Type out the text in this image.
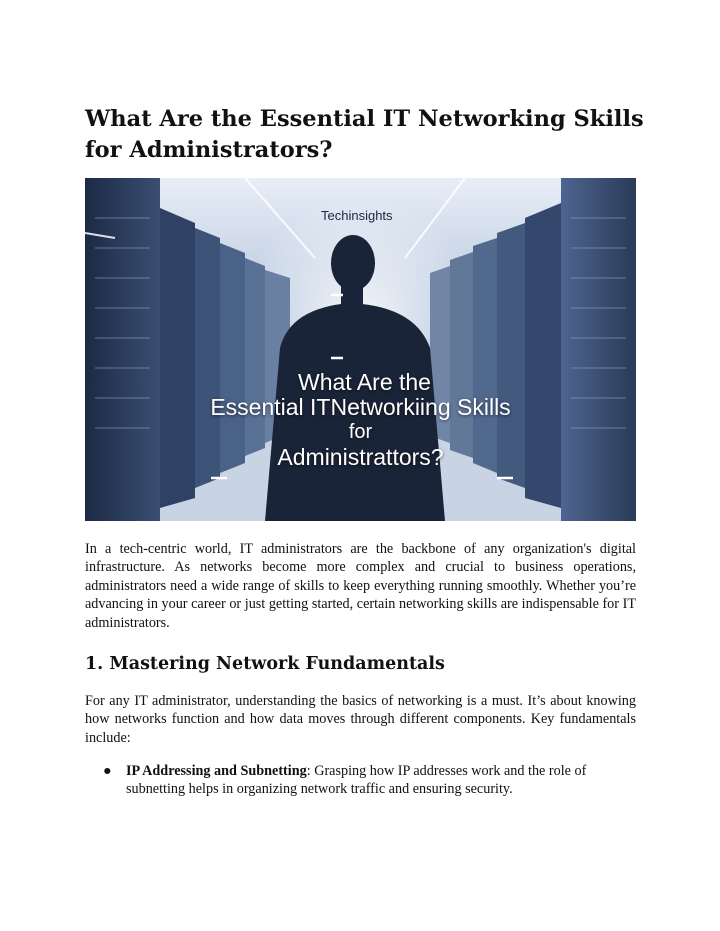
What Are the Essential IT Networking Skills for Administrators?
Techinsights
What Are the
Essential ITNetworkiing Skills
for
Administrattors?

In a tech-centric world, IT administrators are the backbone of any organization's digital infrastructure. As networks become more complex and crucial to business operations, administrators need a wide range of skills to keep everything running smoothly. Whether you’re advancing in your career or just getting started, certain networking skills are indispensable for IT administrators.

1. Mastering Network Fundamentals

For any IT administrator, understanding the basics of networking is a must. It’s about knowing how networks function and how data moves through different components. Key fundamentals include:

● IP Addressing and Subnetting: Grasping how IP addresses work and the role of subnetting helps in organizing network traffic and ensuring security.
